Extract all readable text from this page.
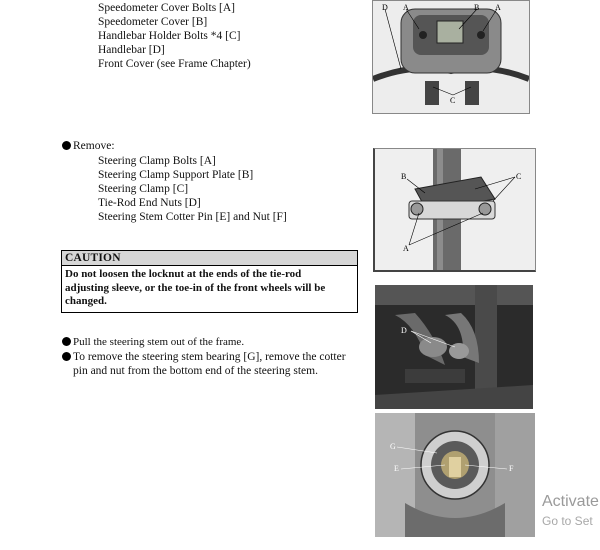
Speedometer Cover Bolts [A]
Speedometer Cover [B]
Handlebar Holder Bolts *4 [C]
Handlebar [D]
Front Cover (see Frame Chapter)
Remove:
Steering Clamp Bolts [A]
Steering Clamp Support Plate [B]
Steering Clamp [C]
Tie-Rod End Nuts [D]
Steering Stem Cotter Pin [E] and Nut [F]
CAUTION
Do not loosen the locknut at the ends of the tie-rod
adjusting sleeve, or the toe-in of the front wheels will be
changed.
Pull the steering stem out of the frame.
To remove the steering stem bearing [G], remove the cotter
pin and nut from the bottom end of the steering stem.
D A	B A
C
B	C
A
D
G
E	F
Activate
Go to Set
